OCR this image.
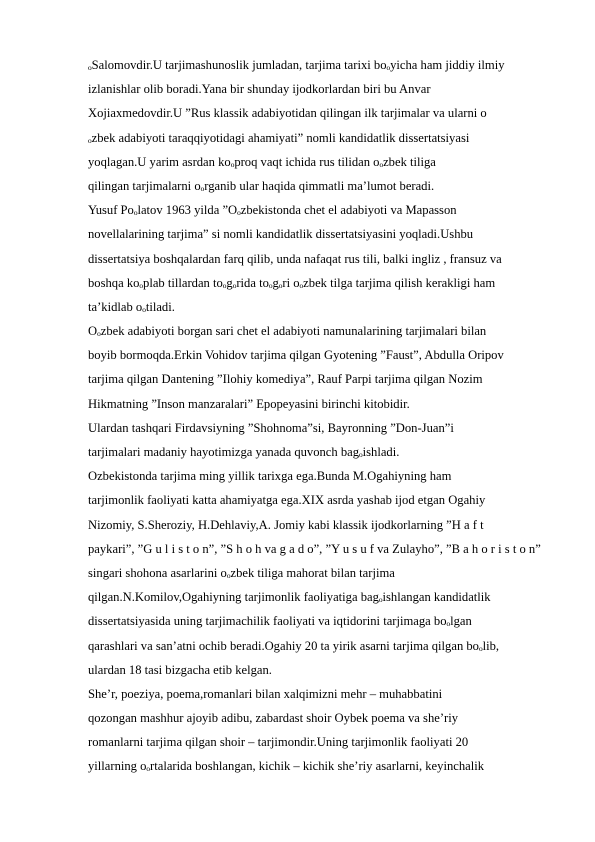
ₒSalomovdir.U tarjimashunoslik jumladan, tarjima tarixi boₒyicha ham jiddiy ilmiy
izlanishlar olib boradi.Yana bir shunday ijodkorlardan biri bu Anvar
Xojiaxmedovdir.U ”Rus klassik adabiyotidan qilingan ilk tarjimalar va ularni o
ₒzbek adabiyoti taraqqiyotidagi ahamiyati” nomli kandidatlik dissertatsiyasi
yoqlagan.U yarim asrdan koₒproq vaqt ichida rus tilidan oₒzbek tiliga
qilingan tarjimalarni oₒrganib ular haqida qimmatli ma’lumot beradi.
Yusuf Poₒlatov 1963 yilda ”Oₒzbekistonda chet el adabiyoti va Mapasson
novellalarining tarjima” si nomli kandidatlik dissertatsiyasini yoqladi.Ushbu
dissertatsiya boshqalardan farq qilib, unda nafaqat rus tili, balki ingliz , fransuz va
boshqa koₒplab tillardan toₒgₒrida toₒgₒri oₒzbek tilga tarjima qilish kerakligi ham
ta’kidlab oₒtiladi.
Oₒzbek adabiyoti borgan sari chet el adabiyoti namunalarining tarjimalari bilan
boyib bormoqda.Erkin Vohidov tarjima qilgan Gyotening ”Faust”, Abdulla Oripov
tarjima qilgan Dantening ”Ilohiy komediya”, Rauf Parpi tarjima qilgan Nozim
Hikmatning ”Inson manzaralari” Epopeyasini birinchi kitobidir.
Ulardan tashqari Firdavsiyning ”Shohnoma”si, Bayronning ”Don-Juan”i
tarjimalari madaniy hayotimizga yanada quvonch bagₒishladi.
Ozbekistonda tarjima ming yillik tarixga ega.Bunda M.Ogahiyning ham
tarjimonlik faoliyati katta ahamiyatga ega.XIX asrda yashab ijod etgan Ogahiy
Nizomiy, S.Sheroziy, H.Dehlaviy,A. Jomiy kabi klassik ijodkorlarning ”H a f t
paykari”, ”G u l i s t o n”, ”S h o h va g a d o”, ”Y u s u f va Zulayho”, ”B a h o r i s t o n”
singari shohona asarlarini oₒzbek tiliga mahorat bilan tarjima
qilgan.N.Komilov,Ogahiyning tarjimonlik faoliyatiga bagₒishlangan kandidatlik
dissertatsiyasida uning tarjimachilik faoliyati va iqtidorini tarjimaga boₒlgan
qarashlari va san’atni ochib beradi.Ogahiy 20 ta yirik asarni tarjima qilgan boₒlib,
ulardan 18 tasi bizgacha etib kelgan.
She’r, poeziya, poema,romanlari bilan xalqimizni mehr – muhabbatini
qozongan mashhur ajoyib adibu, zabardast shoir Oybek poema va she’riy
romanlarni tarjima qilgan shoir – tarjimondir.Uning tarjimonlik faoliyati 20
yillarning oₒrtalarida boshlangan, kichik – kichik she’riy asarlarni, keyinchalik
